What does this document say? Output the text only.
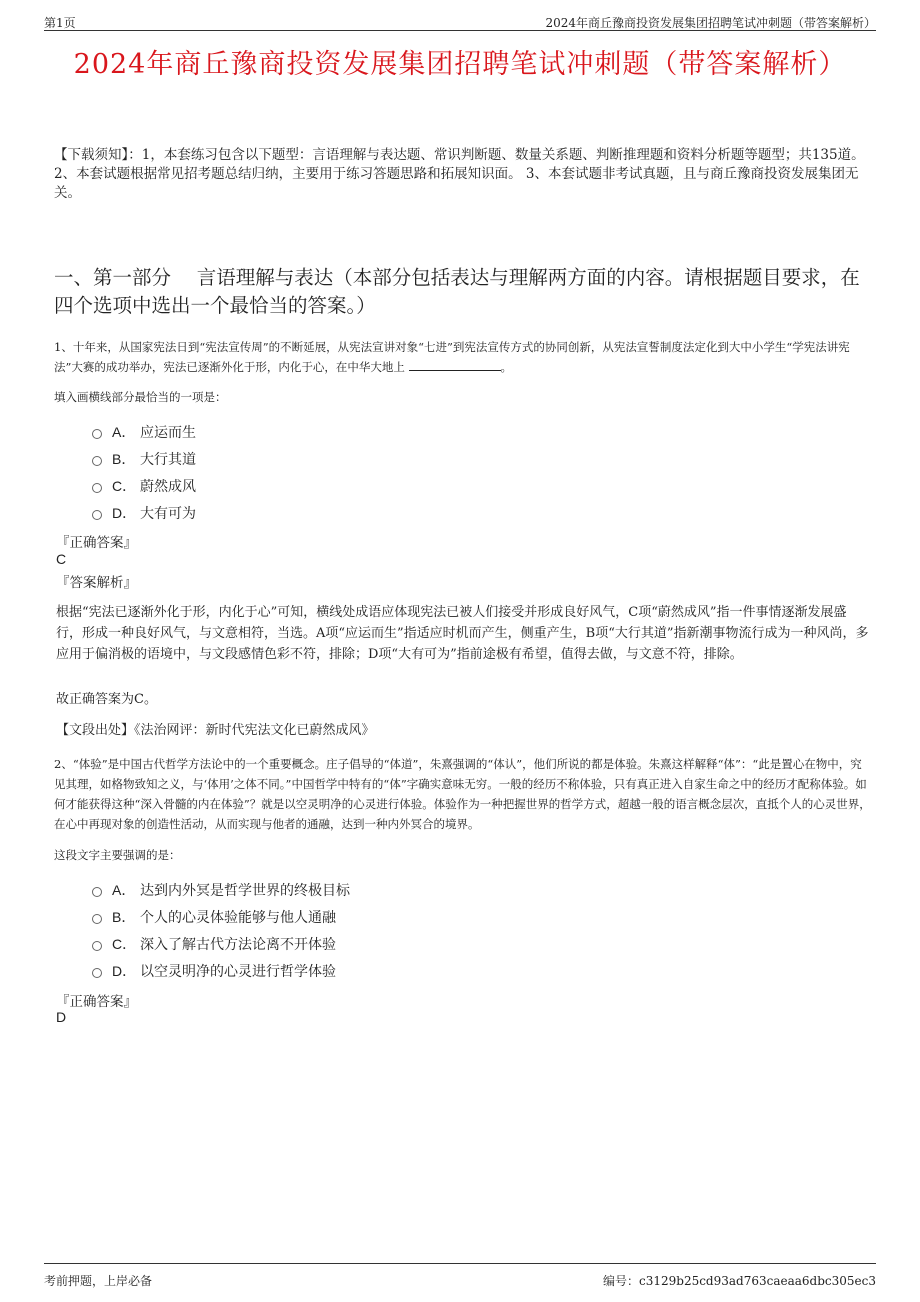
第1页	2024年商丘豫商投资发展集团招聘笔试冲刺题（带答案解析）
2024年商丘豫商投资发展集团招聘笔试冲刺题（带答案解析）
【下载须知】：1，本套练习包含以下题型：言语理解与表达题、常识判断题、数量关系题、判断推理题和资料分析题等题型；共135道。 2、本套试题根据常见招考题总结归纳，主要用于练习答题思路和拓展知识面。 3、本套试题非考试真题，且与商丘豫商投资发展集团无关。
一、第一部分　 言语理解与表达（本部分包括表达与理解两方面的内容。请根据题目要求，在四个选项中选出一个最恰当的答案。）
1、十年来，从国家宪法日到“宪法宣传周”的不断延展，从宪法宣讲对象“七进”到宪法宣传方式的协同创新，从宪法宣誓制度法定化到大中小学生“学宪法讲宪法”大赛的成功举办，宪法已逐渐外化于形，内化于心，在中华大地上	。
填入画横线部分最恰当的一项是：
A． 应运而生
B． 大行其道
C． 蔚然成风
D． 大有可为
『正确答案』
C
『答案解析』
根据“宪法已逐渐外化于形，内化于心”可知，横线处成语应体现宪法已被人们接受并形成良好风气，C项“蔚然成风”指一件事情逐渐发展盛行，形成一种良好风气，与文意相符，当选。A项“应运而生”指适应时机而产生，侧重产生，B项“大行其道”指新潮事物流行成为一种风尚，多应用于偏消极的语境中，与文段感情色彩不符，排除；D项“大有可为”指前途极有希望，值得去做，与文意不符，排除。
故正确答案为C。
【文段出处】《法治网评：新时代宪法文化已蔚然成风》
2、“体验”是中国古代哲学方法论中的一个重要概念。庄子倡导的“体道”，朱熹强调的“体认”，他们所说的都是体验。朱熹这样解释“体”：“此是置心在物中，究见其理，如格物致知之义，与‘体用’之体不同。”中国哲学中特有的“体”字确实意味无穷。一般的经历不称体验，只有真正进入自家生命之中的经历才配称体验。如何才能获得这种“深入骨髓的内在体验”？就是以空灵明净的心灵进行体验。体验作为一种把握世界的哲学方式，超越一般的语言概念层次，直抵个人的心灵世界，在心中再现对象的创造性活动，从而实现与他者的通融，达到一种内外冥合的境界。
这段文字主要强调的是：
A． 达到内外冥是哲学世界的终极目标
B． 个人的心灵体验能够与他人通融
C． 深入了解古代方法论离不开体验
D． 以空灵明净的心灵进行哲学体验
『正确答案』
D
考前押题，上岸必备	编号：c3129b25cd93ad763caeaa6dbc305ec3
